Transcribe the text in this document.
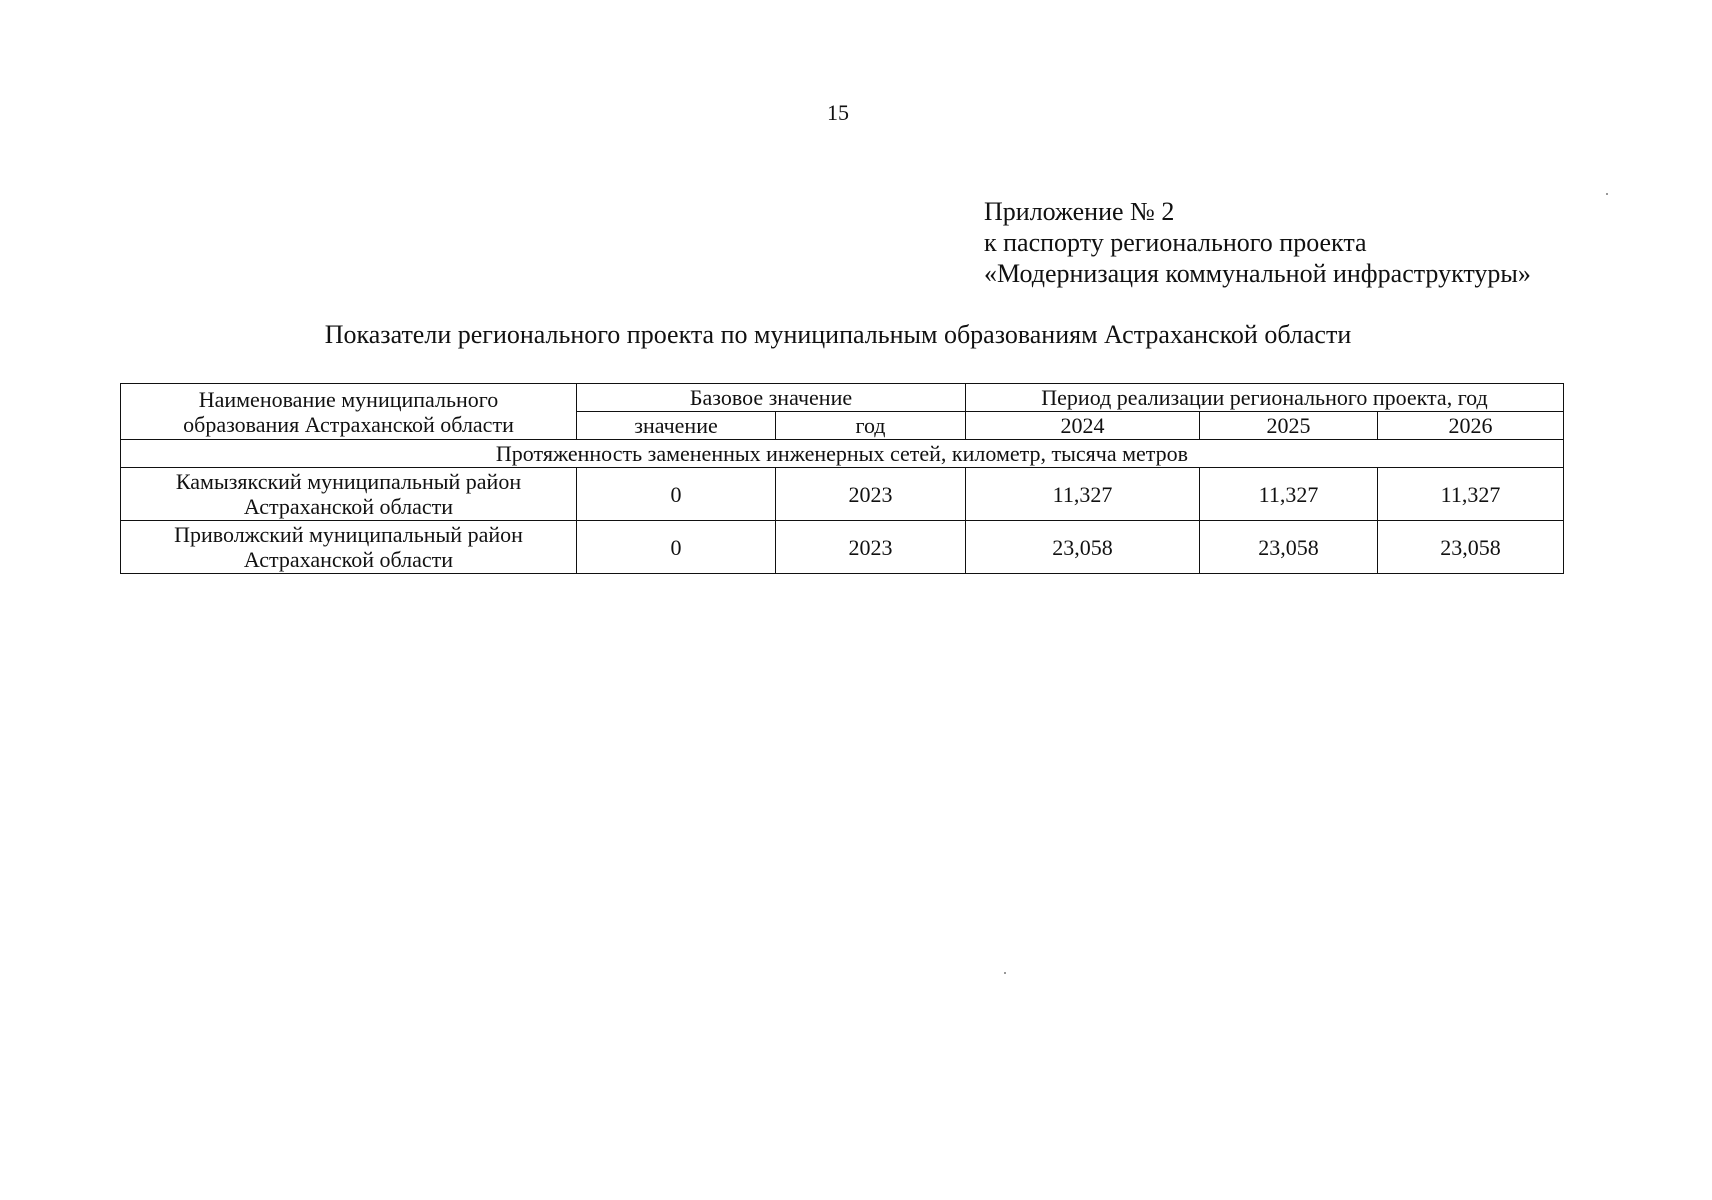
15
Приложение № 2
к паспорту регионального проекта
«Модернизация коммунальной инфраструктуры»
Показатели регионального проекта по муниципальным образованиям Астраханской области
Наименование муниципального
образования Астраханской области	Базовое значение		Период реализации регионального проекта, год		
	значение	год	2024	2025	2026
Протяженность замененных инженерных сетей, километр, тысяча метров					

Камызякский муниципальный район
Астраханской области	0	2023	11,327	11,327	11,327

Приволжский муниципальный район
Астраханской области	0	2023	23,058	23,058	23,058
